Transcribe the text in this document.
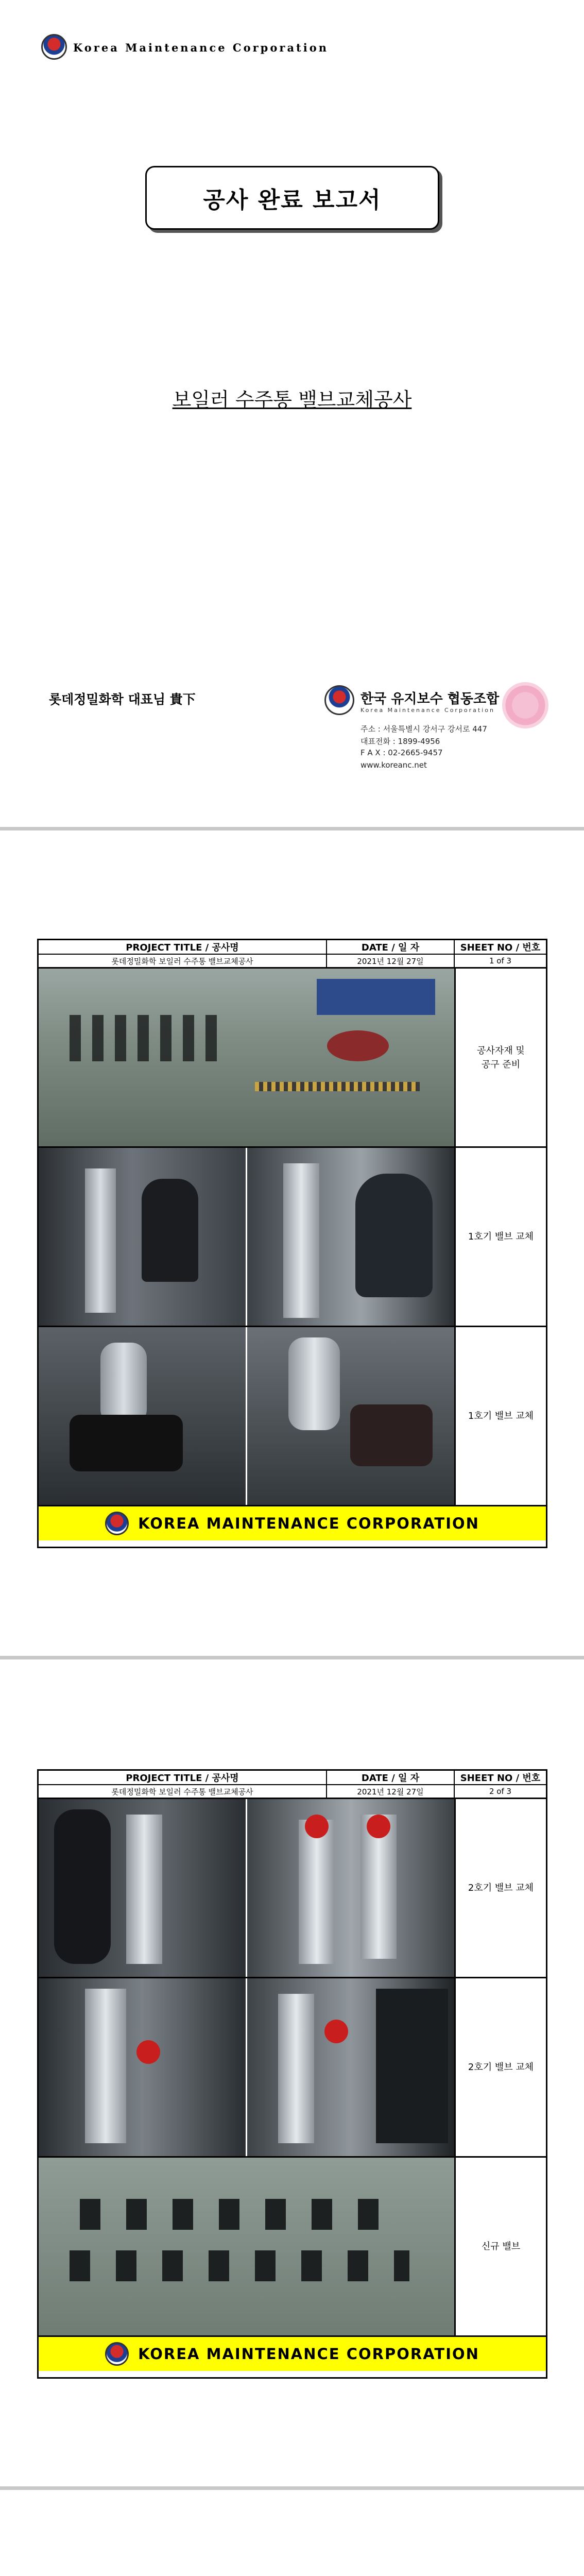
Korea Maintenance Corporation
공사 완료 보고서
보일러 수주통 밸브교체공사
롯데정밀화학 대표님 貴下	한국 유지보수 협동조합
Korea Maintenance Corporation
주소 : 서울특별시 강서구 강서로 447
대표전화 : 1899-4956
F A X : 02-2665-9457
www.koreanc.net
PROJECT TITLE / 공사명	DATE / 일 자	SHEET NO / 번호
롯데정밀화학 보일러 수주통 밸브교체공사	2021년 12월 27일	1 of 3
공사자재 및
공구 준비
1호기 밸브 교체
1호기 밸브 교체
KOREA MAINTENANCE CORPORATION
PROJECT TITLE / 공사명	DATE / 일 자	SHEET NO / 번호
롯데정밀화학 보일러 수주통 밸브교체공사	2021년 12월 27일	2 of 3
2호기 밸브 교체
2호기 밸브 교체
신규 밸브
KOREA MAINTENANCE CORPORATION
